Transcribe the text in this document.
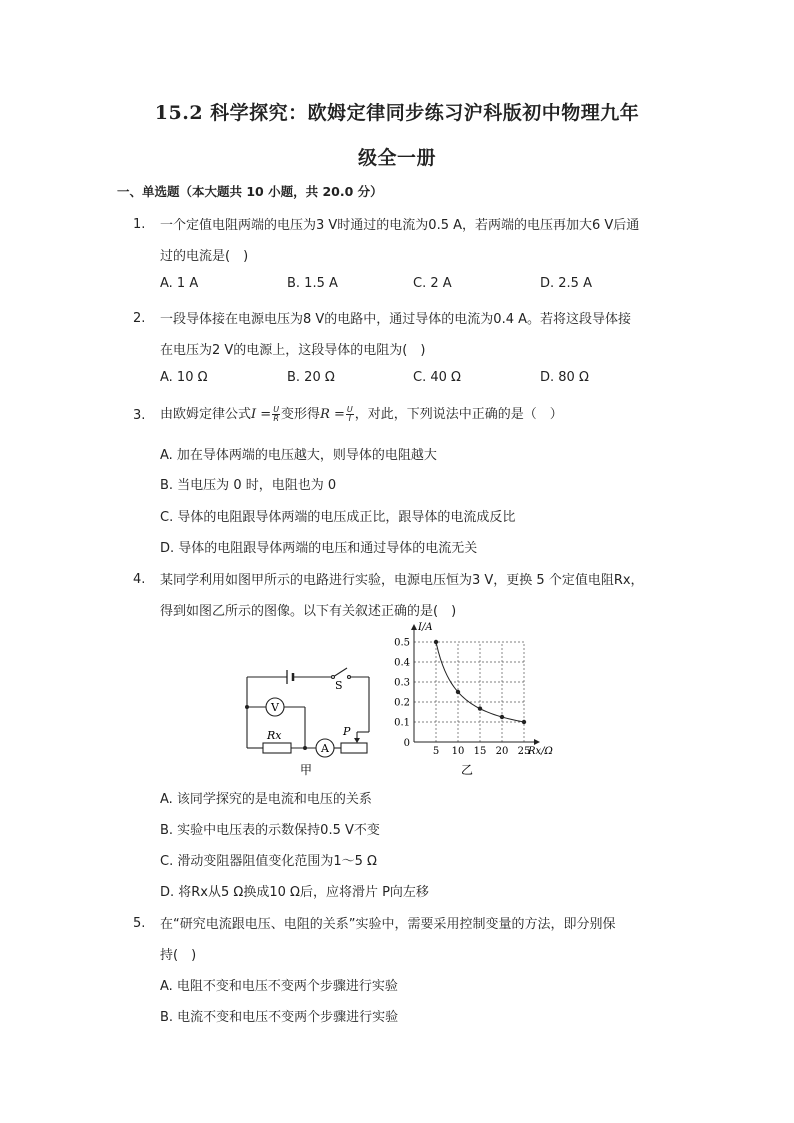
15.2 科学探究：欧姆定律同步练习沪科版初中物理九年
级全一册
一、单选题（本大题共 10 小题，共 20.0 分）
1. 一个定值电阻两端的电压为3 V时通过的电流为0.5 A，若两端的电压再加大6 V后通
过的电流是(　)
A. 1 A	B. 1.5 A	C. 2 A	D. 2.5 A
2. 一段导体接在电源电压为8 V的电路中，通过导体的电流为0.4 A。若将这段导体接
在电压为2 V的电源上，这段导体的电阻为(　)
A. 10 Ω	B. 20 Ω	C. 40 Ω	D. 80 Ω
3. 由欧姆定律公式$I = \frac{U}{R}$ 变形得$R = \frac{U}{I}$ ，对此，下列说法中正确的是（　）
A. 加在导体两端的电压越大，则导体的电阻越大
B. 当电压为 0 时，电阻也为 0
C. 导体的电阻跟导体两端的电压成正比，跟导体的电流成反比
D. 导体的电阻跟导体两端的电压和通过导体的电流无关
4. 某同学利用如图甲所示的电路进行实验，电源电压恒为3 V，更换 5 个定值电阻Rx，
得到如图乙所示的图像。以下有关叙述正确的是(　)
V
A
S
Rx	P
甲
5 10 15 20 25
0.1
0.2
0.3
0.4
0.5
0
Rx/Ω
I/A
乙
A. 该同学探究的是电流和电压的关系
B. 实验中电压表的示数保持0.5 V不变
C. 滑动变阻器阻值变化范围为1～5 Ω
D. 将Rx从5 Ω换成10 Ω后，应将滑片 P向左移
5. 在“研究电流跟电压、电阻的关系”实验中，需要采用控制变量的方法，即分别保
持(　)
A. 电阻不变和电压不变两个步骤进行实验
B. 电流不变和电压不变两个步骤进行实验
